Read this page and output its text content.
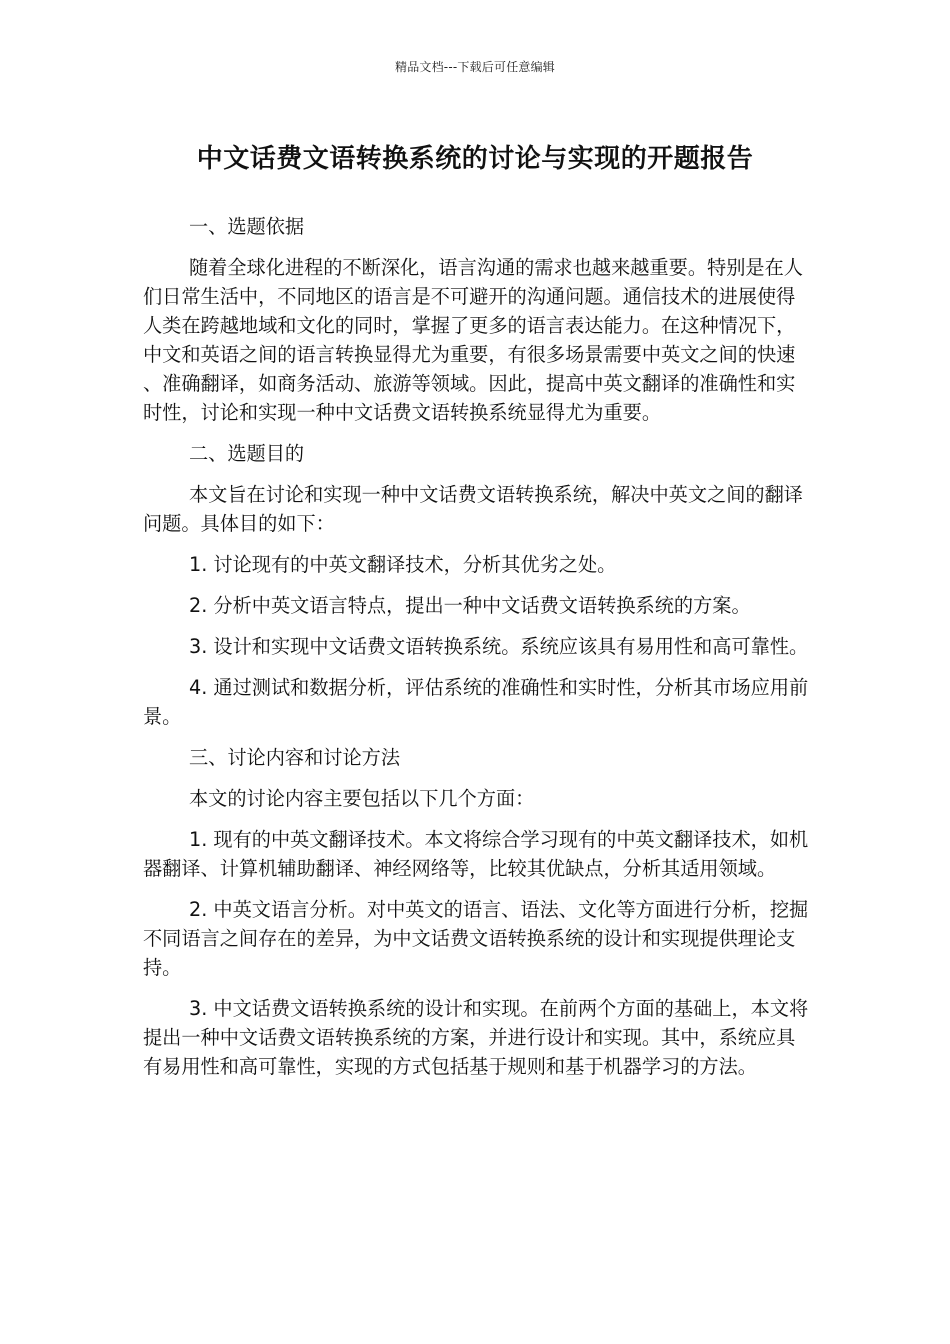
精品文档---下载后可任意编辑
中文话费文语转换系统的讨论与实现的开题报告

一、选题依据

随着全球化进程的不断深化，语言沟通的需求也越来越重要。特别是在人们日常生活中，不同地区的语言是不可避开的沟通问题。通信技术的进展使得人类在跨越地域和文化的同时，掌握了更多的语言表达能力。在这种情况下，中文和英语之间的语言转换显得尤为重要，有很多场景需要中英文之间的快速、准确翻译，如商务活动、旅游等领域。因此，提高中英文翻译的准确性和实时性，讨论和实现一种中文话费文语转换系统显得尤为重要。

二、选题目的

本文旨在讨论和实现一种中文话费文语转换系统，解决中英文之间的翻译问题。具体目的如下：

1. 讨论现有的中英文翻译技术，分析其优劣之处。

2. 分析中英文语言特点，提出一种中文话费文语转换系统的方案。

3. 设计和实现中文话费文语转换系统。系统应该具有易用性和高可靠性。

4. 通过测试和数据分析，评估系统的准确性和实时性，分析其市场应用前景。

三、讨论内容和讨论方法

本文的讨论内容主要包括以下几个方面：

1. 现有的中英文翻译技术。本文将综合学习现有的中英文翻译技术，如机器翻译、计算机辅助翻译、神经网络等，比较其优缺点，分析其适用领域。

2. 中英文语言分析。对中英文的语言、语法、文化等方面进行分析，挖掘不同语言之间存在的差异，为中文话费文语转换系统的设计和实现提供理论支持。

3. 中文话费文语转换系统的设计和实现。在前两个方面的基础上，本文将提出一种中文话费文语转换系统的方案，并进行设计和实现。其中，系统应具有易用性和高可靠性，实现的方式包括基于规则和基于机器学习的方法。
